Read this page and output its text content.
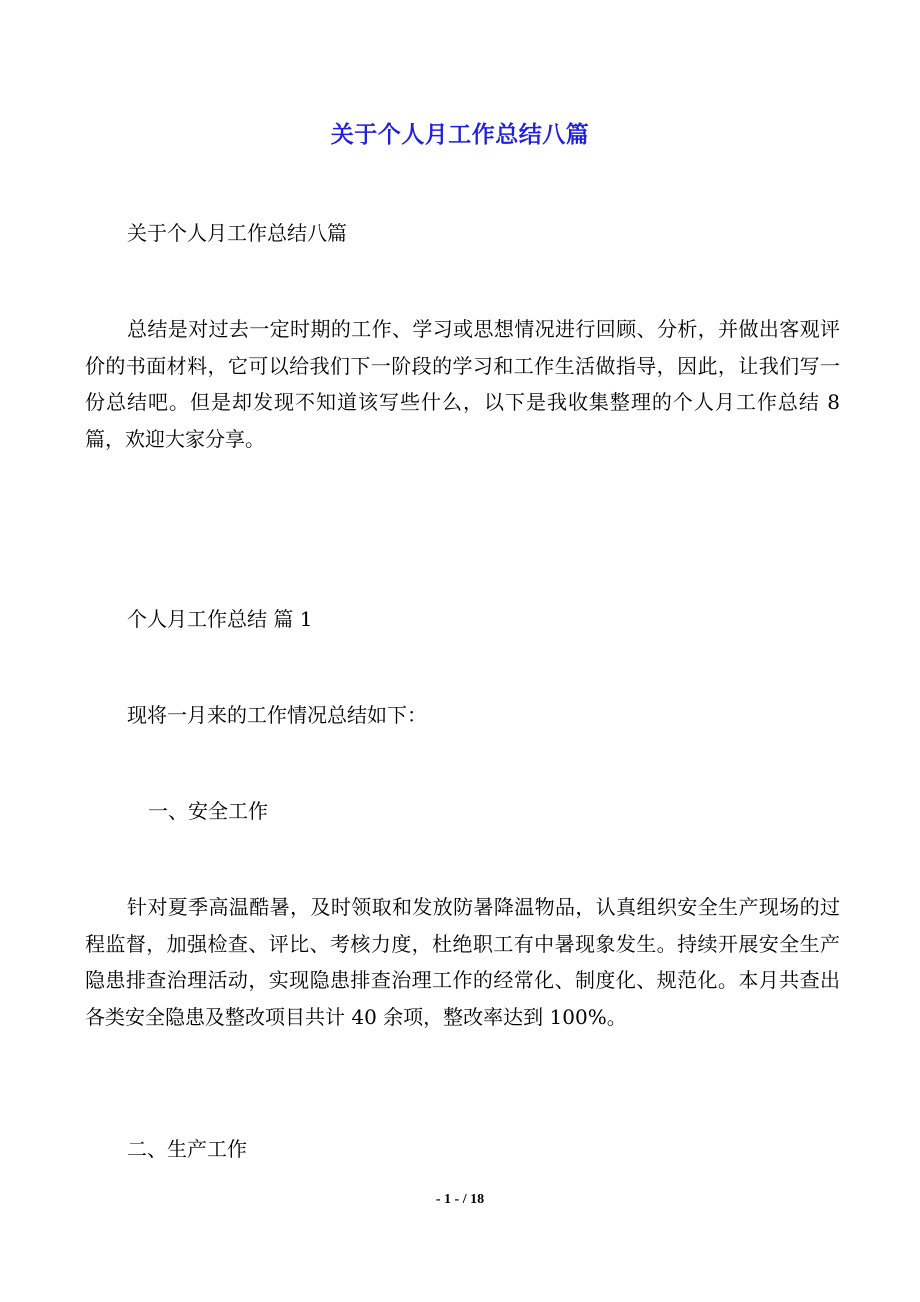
关于个人月工作总结八篇
关于个人月工作总结八篇
总结是对过去一定时期的工作、学习或思想情况进行回顾、分析，并做出客观评价的书面材料，它可以给我们下一阶段的学习和工作生活做指导，因此，让我们写一份总结吧。但是却发现不知道该写些什么，以下是我收集整理的个人月工作总结 8 篇，欢迎大家分享。
个人月工作总结 篇 1
现将一月来的工作情况总结如下：
一、安全工作
针对夏季高温酷暑，及时领取和发放防暑降温物品，认真组织安全生产现场的过程监督，加强检查、评比、考核力度，杜绝职工有中暑现象发生。持续开展安全生产隐患排查治理活动，实现隐患排查治理工作的经常化、制度化、规范化。本月共查出各类安全隐患及整改项目共计 40 余项，整改率达到 100%。
二、生产工作
- 1 - / 18
